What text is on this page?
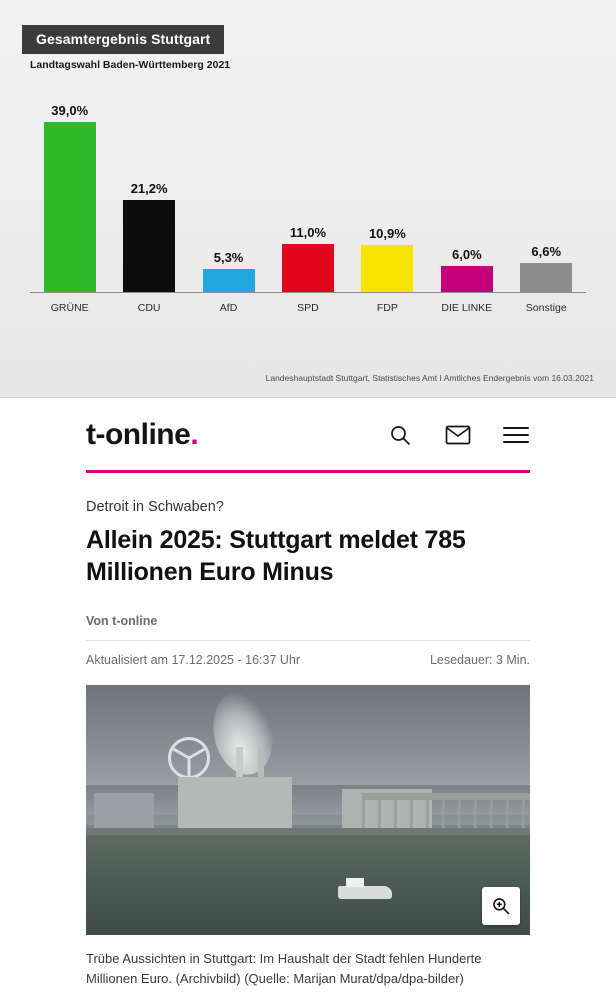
Gesamtergebnis Stuttgart
Landtagswahl Baden-Württemberg 2021
39,0%
21,2%
5,3%
11,0%	10,9%
6,0%	6,6%
GRÜNE	CDU	AfD	SPD	FDP	DIE LINKE	Sonstige
Landeshauptstadt Stuttgart, Statistisches Amt I Amtliches Endergebnis vom 16.03.2021
t-online.
Detroit in Schwaben?
Allein 2025: Stuttgart meldet 785 Millionen Euro Minus
Von t-online
Aktualisiert am 17.12.2025 - 16:37 Uhr	Lesedauer: 3 Min.
Trübe Aussichten in Stuttgart: Im Haushalt der Stadt fehlen Hunderte Millionen Euro. (Archivbild) (Quelle: Marijan Murat/dpa/dpa-bilder)
